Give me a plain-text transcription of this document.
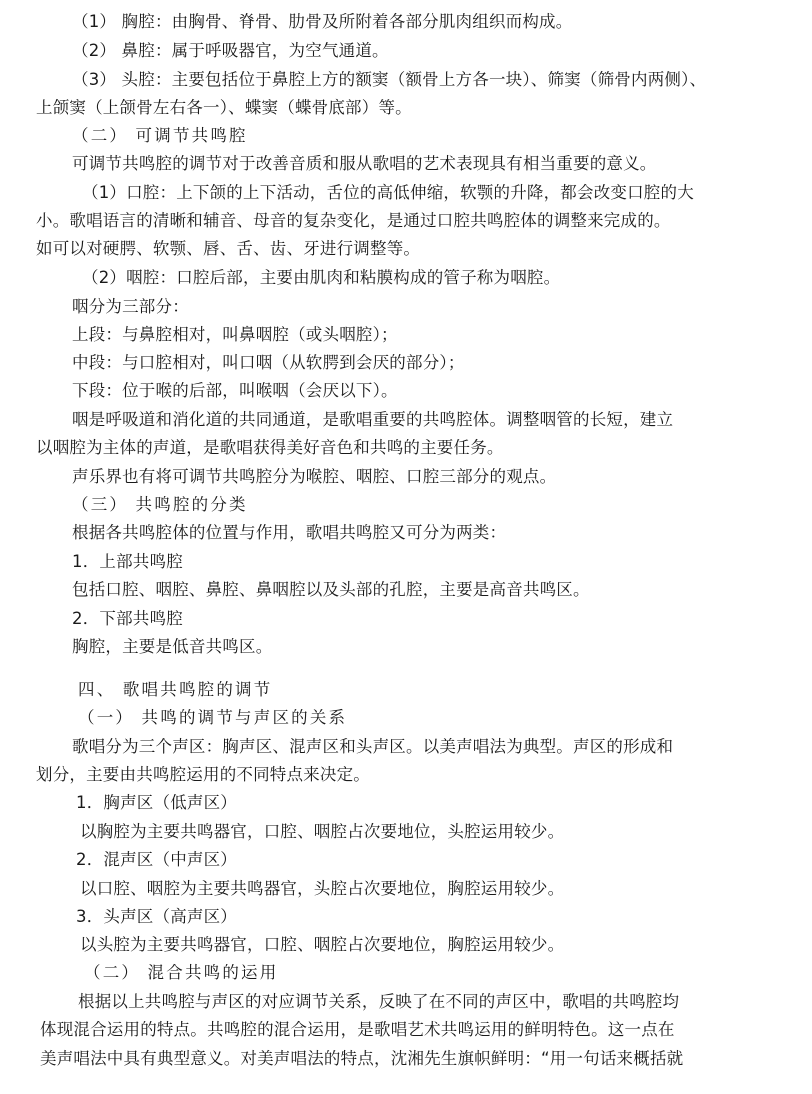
（1） 胸腔：由胸骨、脊骨、肋骨及所附着各部分肌肉组织而构成。
（2） 鼻腔：属于呼吸器官，为空气通道。
（3） 头腔：主要包括位于鼻腔上方的额窦（额骨上方各一块）、筛窦（筛骨内两侧）、
上颌窦（上颌骨左右各一）、蝶窦（蝶骨底部）等。
（二） 可调节共鸣腔
可调节共鸣腔的调节对于改善音质和服从歌唱的艺术表现具有相当重要的意义。
（1）口腔：上下颌的上下活动，舌位的高低伸缩，软颚的升降，都会改变口腔的大
小。歌唱语言的清晰和辅音、母音的复杂变化，是通过口腔共鸣腔体的调整来完成的。
如可以对硬腭、软颚、唇、舌、齿、牙进行调整等。
（2）咽腔：口腔后部，主要由肌肉和粘膜构成的管子称为咽腔。
咽分为三部分：
上段：与鼻腔相对，叫鼻咽腔（或头咽腔）；
中段：与口腔相对，叫口咽（从软腭到会厌的部分）；
下段：位于喉的后部，叫喉咽（会厌以下）。
咽是呼吸道和消化道的共同通道，是歌唱重要的共鸣腔体。调整咽管的长短，建立
以咽腔为主体的声道，是歌唱获得美好音色和共鸣的主要任务。
声乐界也有将可调节共鸣腔分为喉腔、咽腔、口腔三部分的观点。
（三） 共鸣腔的分类
根据各共鸣腔体的位置与作用，歌唱共鸣腔又可分为两类：
1．上部共鸣腔
包括口腔、咽腔、鼻腔、鼻咽腔以及头部的孔腔，主要是高音共鸣区。
2．下部共鸣腔
胸腔，主要是低音共鸣区。
四、 歌唱共鸣腔的调节
（一） 共鸣的调节与声区的关系
歌唱分为三个声区：胸声区、混声区和头声区。以美声唱法为典型。声区的形成和
划分，主要由共鸣腔运用的不同特点来决定。
1．胸声区（低声区）
以胸腔为主要共鸣器官，口腔、咽腔占次要地位，头腔运用较少。
2．混声区（中声区）
以口腔、咽腔为主要共鸣器官，头腔占次要地位，胸腔运用较少。
3．头声区（高声区）
以头腔为主要共鸣器官，口腔、咽腔占次要地位，胸腔运用较少。
（二） 混合共鸣的运用
根据以上共鸣腔与声区的对应调节关系，反映了在不同的声区中，歌唱的共鸣腔均
体现混合运用的特点。共鸣腔的混合运用，是歌唱艺术共鸣运用的鲜明特色。这一点在
美声唱法中具有典型意义。对美声唱法的特点，沈湘先生旗帜鲜明：“用一句话来概括就
